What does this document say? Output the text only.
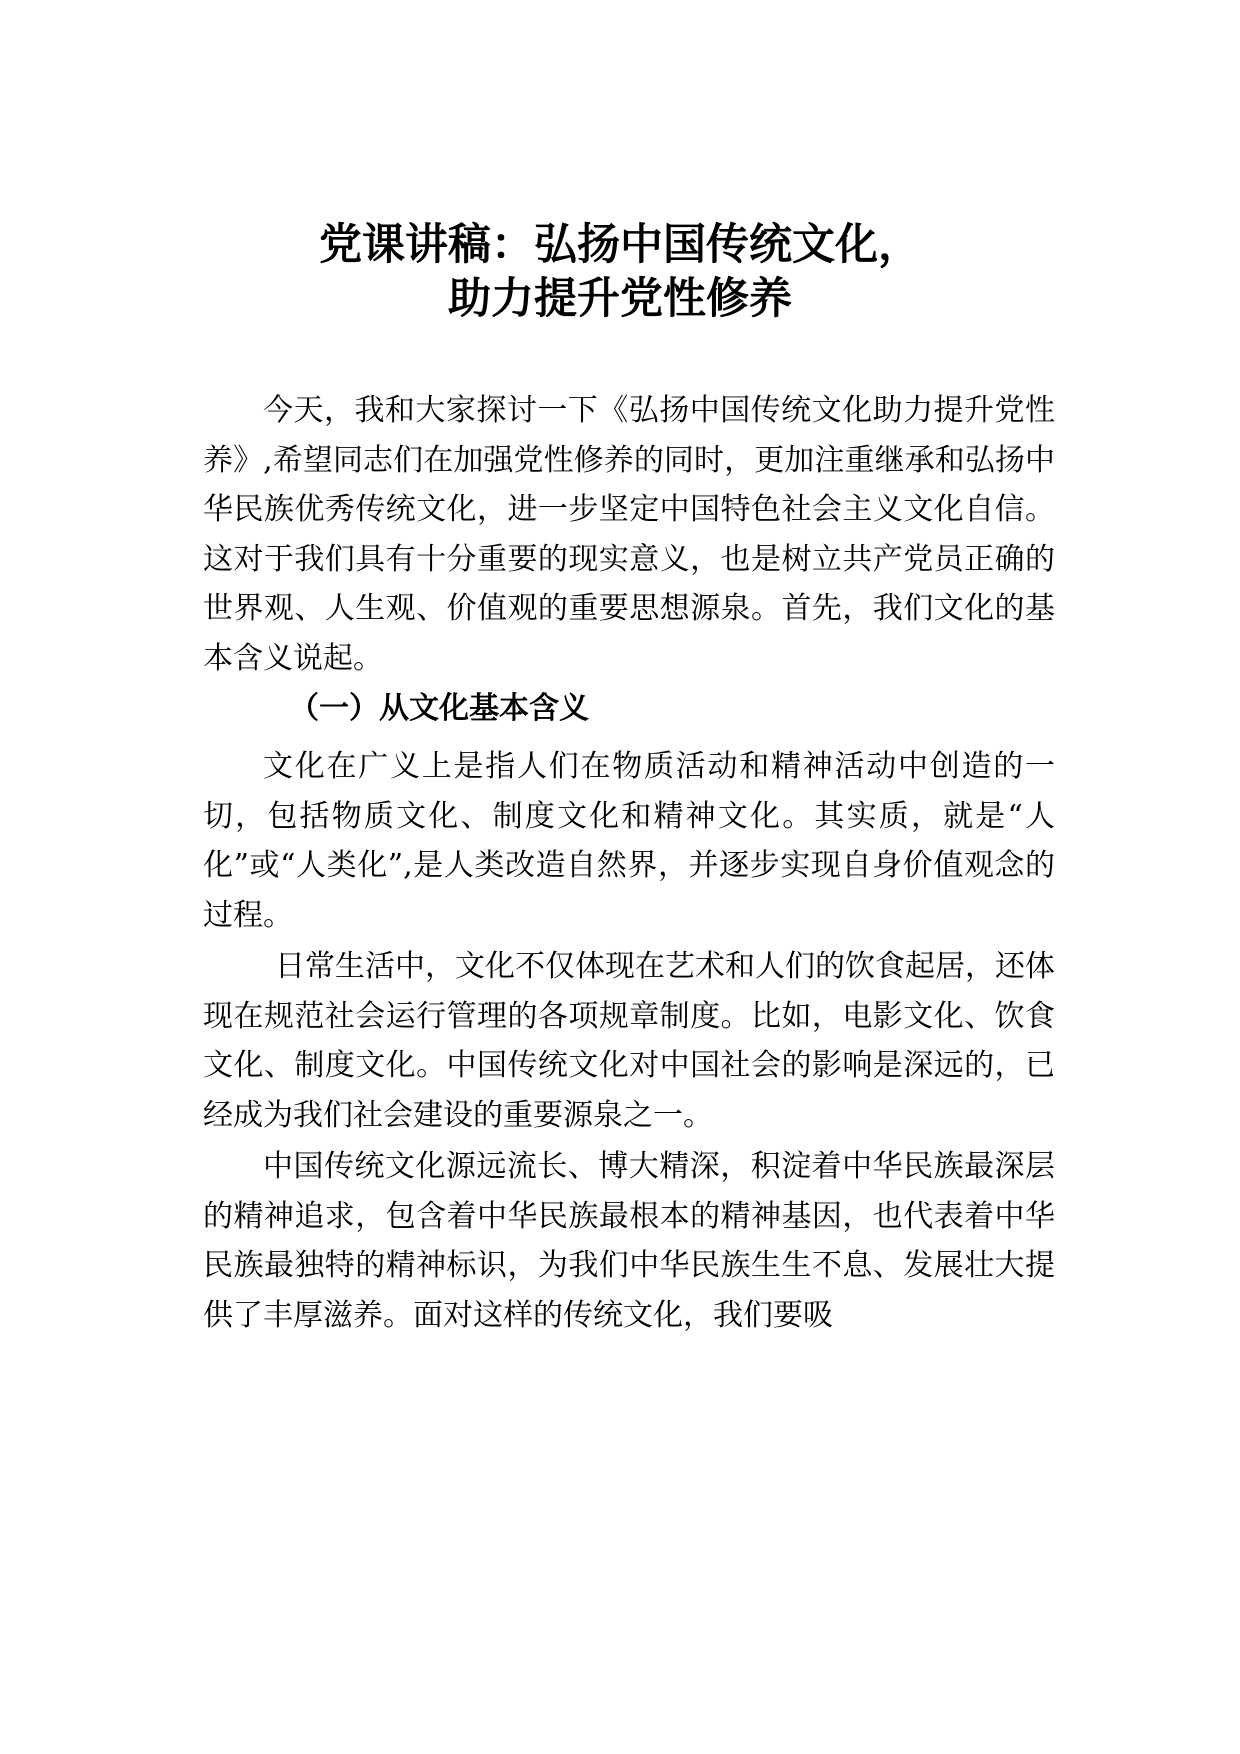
党课讲稿：弘扬中国传统文化，
助力提升党性修养

今天，我和大家探讨一下《弘扬中国传统文化助力提升党性养》,希望同志们在加强党性修养的同时，更加注重继承和弘扬中华民族优秀传统文化，进一步坚定中国特色社会主义文化自信。这对于我们具有十分重要的现实意义，也是树立共产党员正确的世界观、人生观、价值观的重要思想源泉。首先，我们文化的基本含义说起。

（一）从文化基本含义

文化在广义上是指人们在物质活动和精神活动中创造的一切，包括物质文化、制度文化和精神文化。其实质，就是“人化”或“人类化”,是人类改造自然界，并逐步实现自身价值观念的过程。

日常生活中，文化不仅体现在艺术和人们的饮食起居，还体现在规范社会运行管理的各项规章制度。比如，电影文化、饮食文化、制度文化。中国传统文化对中国社会的影响是深远的，已经成为我们社会建设的重要源泉之一。

中国传统文化源远流长、博大精深，积淀着中华民族最深层的精神追求，包含着中华民族最根本的精神基因，也代表着中华民族最独特的精神标识，为我们中华民族生生不息、发展壮大提供了丰厚滋养。面对这样的传统文化，我们要吸
